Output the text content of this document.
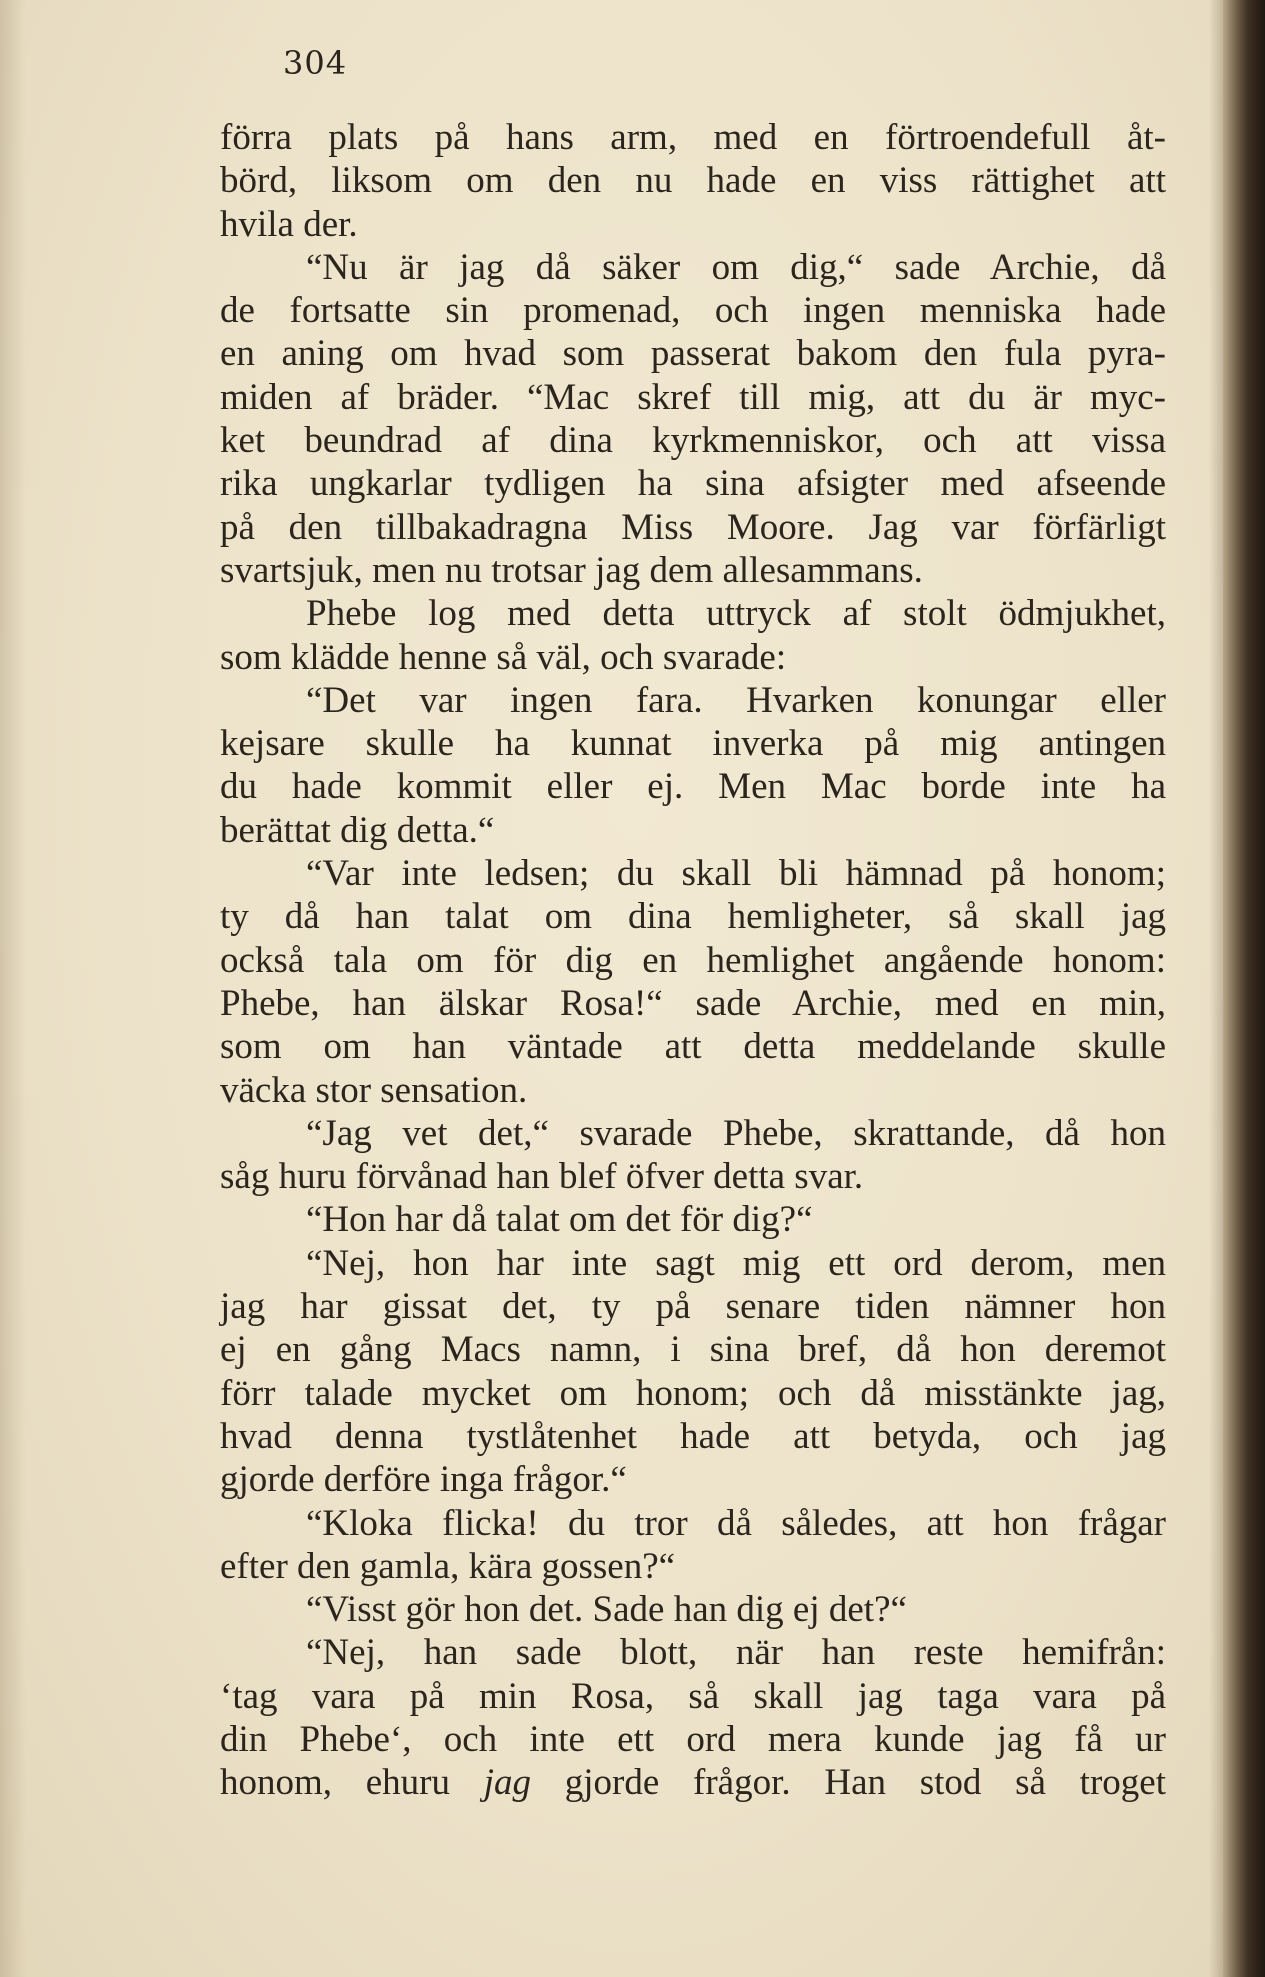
304
förra plats på hans arm, med en förtroendefull åt-
börd, liksom om den nu hade en viss rättighet att
hvila der.
“Nu är jag då säker om dig,“ sade Archie, då
de fortsatte sin promenad, och ingen menniska hade
en aning om hvad som passerat bakom den fula pyra-
miden af bräder. “Mac skref till mig, att du är myc-
ket beundrad af dina kyrkmenniskor, och att vissa
rika ungkarlar tydligen ha sina afsigter med afseende
på den tillbakadragna Miss Moore. Jag var förfärligt
svartsjuk, men nu trotsar jag dem allesammans.
Phebe log med detta uttryck af stolt ödmjukhet,
som klädde henne så väl, och svarade:
“Det var ingen fara. Hvarken konungar eller
kejsare skulle ha kunnat inverka på mig antingen
du hade kommit eller ej. Men Mac borde inte ha
berättat dig detta.“
“Var inte ledsen; du skall bli hämnad på honom;
ty då han talat om dina hemligheter, så skall jag
också tala om för dig en hemlighet angående honom:
Phebe, han älskar Rosa!“ sade Archie, med en min,
som om han väntade att detta meddelande skulle
väcka stor sensation.
“Jag vet det,“ svarade Phebe, skrattande, då hon
såg huru förvånad han blef öfver detta svar.
“Hon har då talat om det för dig?“
“Nej, hon har inte sagt mig ett ord derom, men
jag har gissat det, ty på senare tiden nämner hon
ej en gång Macs namn, i sina bref, då hon deremot
förr talade mycket om honom; och då misstänkte jag,
hvad denna tystlåtenhet hade att betyda, och jag
gjorde derföre inga frågor.“
“Kloka flicka! du tror då således, att hon frågar
efter den gamla, kära gossen?“
“Visst gör hon det. Sade han dig ej det?“
“Nej, han sade blott, när han reste hemifrån:
‘tag vara på min Rosa, så skall jag taga vara på
din Phebe‘, och inte ett ord mera kunde jag få ur
honom, ehuru jag gjorde frågor. Han stod så troget
